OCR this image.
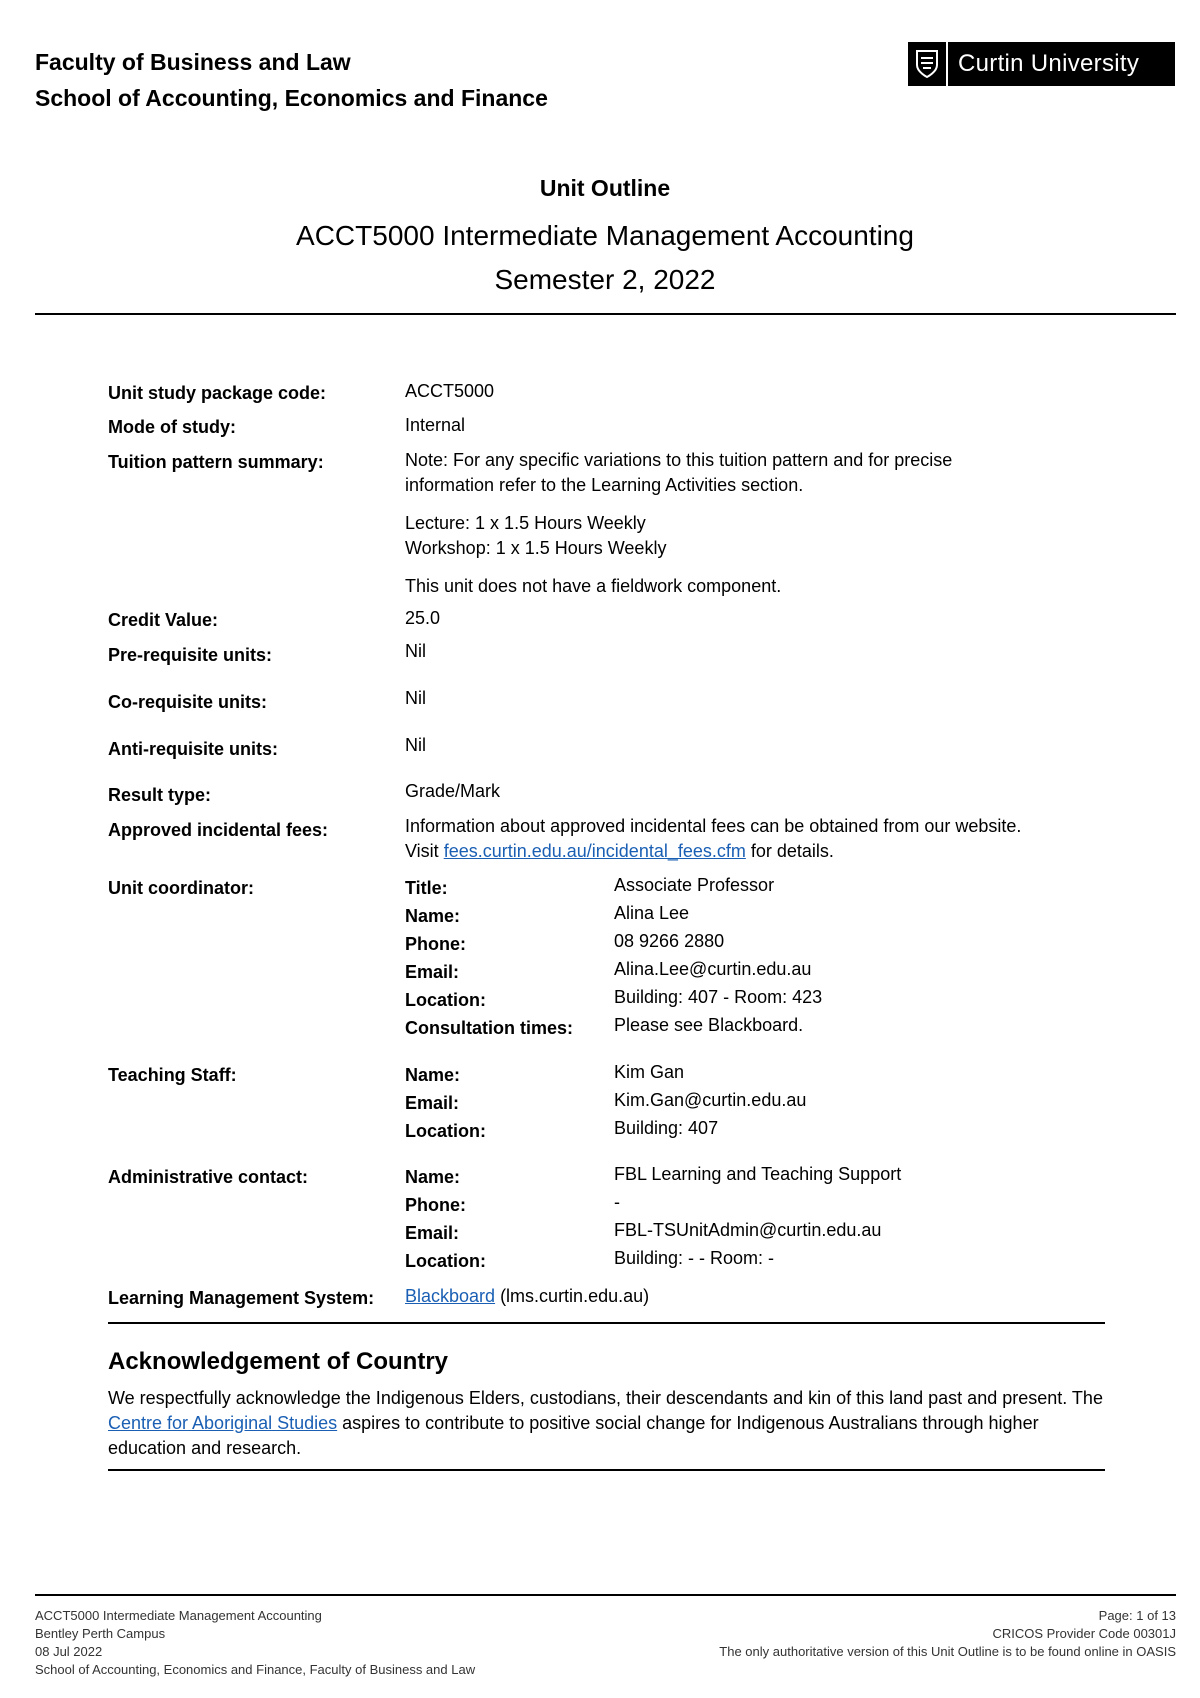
Faculty of Business and Law
School of Accounting, Economics and Finance
Curtin University
Unit Outline
ACCT5000 Intermediate Management Accounting
Semester 2, 2022
Unit study package code:	ACCT5000
Mode of study:	Internal
Tuition pattern summary:	Note: For any specific variations to this tuition pattern and for precise
information refer to the Learning Activities section.
Lecture: 1 x 1.5 Hours Weekly
Workshop: 1 x 1.5 Hours Weekly
This unit does not have a fieldwork component.
Credit Value:	25.0
Pre-requisite units:	Nil
Co-requisite units:	Nil
Anti-requisite units:	Nil
Result type:	Grade/Mark
Approved incidental fees:	Information about approved incidental fees can be obtained from our website.
Visit fees.curtin.edu.au/incidental_fees.cfm for details.
Unit coordinator:	Title:	Associate Professor
Name:	Alina Lee
Phone:	08 9266 2880
Email:	Alina.Lee@curtin.edu.au
Location:	Building: 407 - Room: 423
Consultation times: Please see Blackboard.
Teaching Staff:	Name:	Kim Gan
Email:	Kim.Gan@curtin.edu.au
Location:	Building: 407
Administrative contact:	Name:	FBL Learning and Teaching Support
Phone:	-
Email:	FBL-TSUnitAdmin@curtin.edu.au
Location:	Building: - - Room: -
Learning Management System: Blackboard (lms.curtin.edu.au)
Acknowledgement of Country
We respectfully acknowledge the Indigenous Elders, custodians, their descendants and kin of this land past and present. The Centre for Aboriginal Studies aspires to contribute to positive social change for Indigenous Australians through higher education and research.
ACCT5000 Intermediate Management Accounting
Bentley Perth Campus
08 Jul 2022
School of Accounting, Economics and Finance, Faculty of Business and Law
Page: 1 of 13
CRICOS Provider Code 00301J
The only authoritative version of this Unit Outline is to be found online in OASIS
